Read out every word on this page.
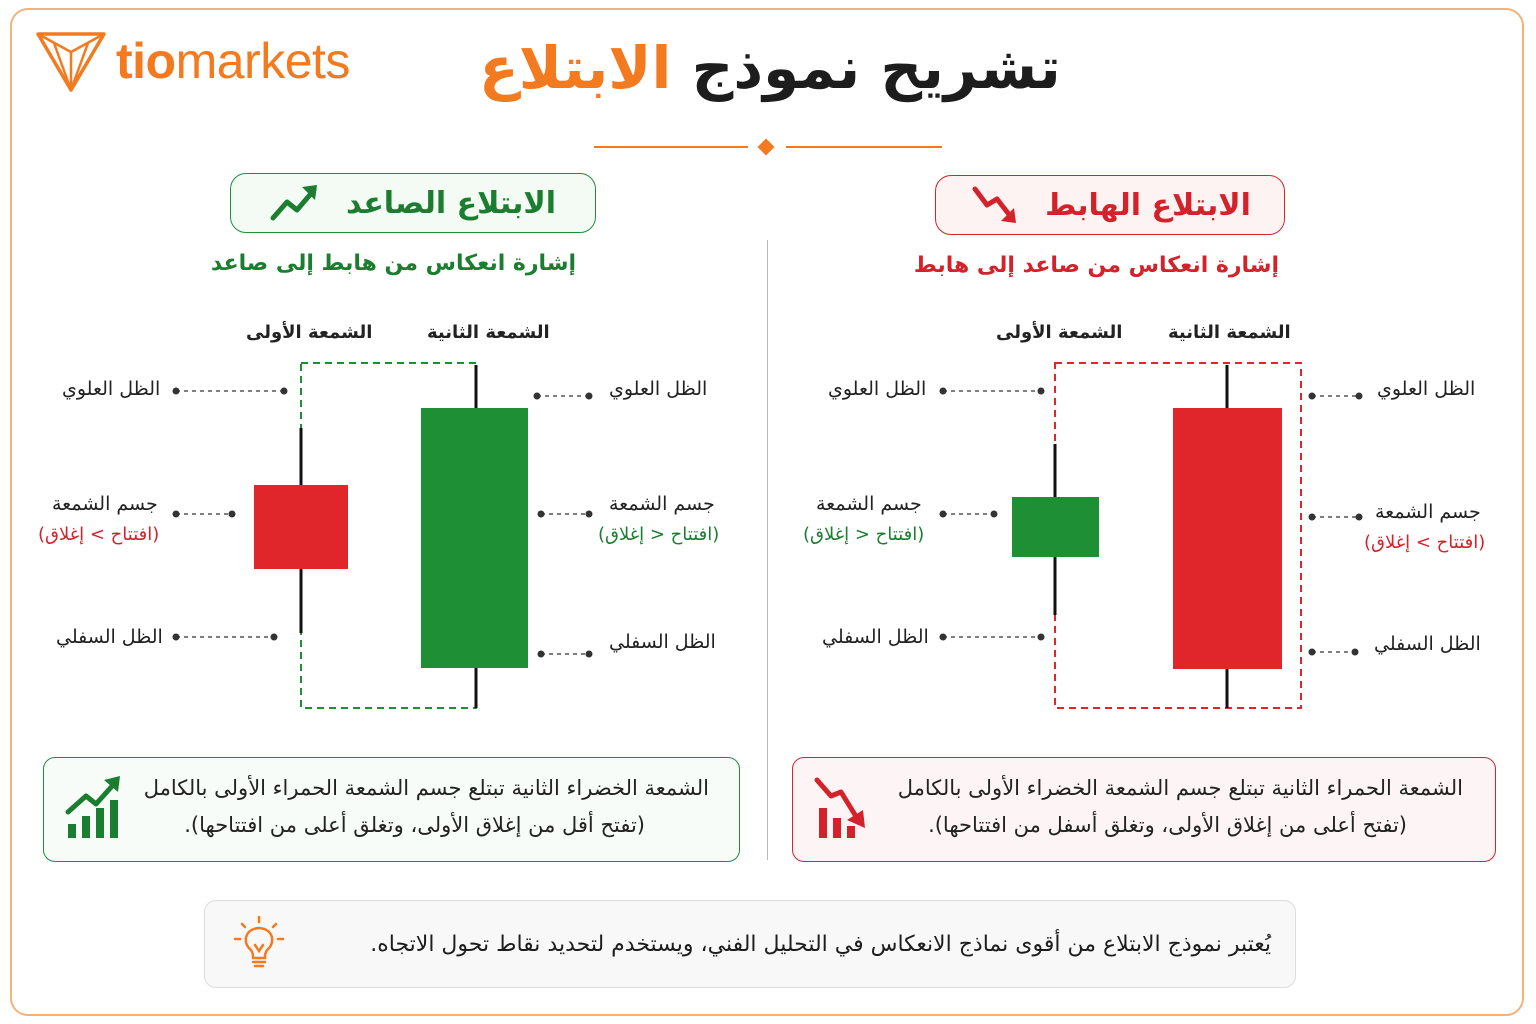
tiomarkets	تشريح نموذج الابتلاع
الابتلاع الصاعد
إشارة انعكاس من هابط إلى صاعد
الابتلاع الهابط
إشارة انعكاس من صاعد إلى هابط
الشمعة الأولى	الشمعة الثانية	الشمعة الأولى	الشمعة الثانية
الظل العلوي
جسم الشمعة
(افتتاح > إغلاق)
الظل السفلي
الظل العلوي
جسم الشمعة
(افتتاح < إغلاق)
الظل السفلي
الظل العلوي
جسم الشمعة
(افتتاح < إغلاق)
الظل السفلي
الظل العلوي
جسم الشمعة
(افتتاح > إغلاق)
الظل السفلي
الشمعة الخضراء الثانية تبتلع جسم الشمعة الحمراء الأولى بالكامل
(تفتح أقل من إغلاق الأولى، وتغلق أعلى من افتتاحها).
الشمعة الحمراء الثانية تبتلع جسم الشمعة الخضراء الأولى بالكامل
(تفتح أعلى من إغلاق الأولى، وتغلق أسفل من افتتاحها).
يُعتبر نموذج الابتلاع من أقوى نماذج الانعكاس في التحليل الفني، ويستخدم لتحديد نقاط تحول الاتجاه.
